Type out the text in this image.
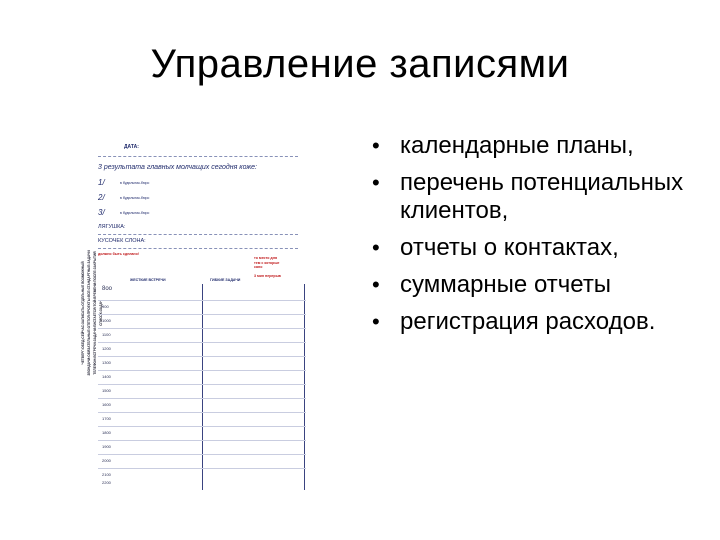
Управление записями
ЧЕТВЕРГ:ОБЕД:СЕЙЧАС:ЗАПИСАТЬ:ОТДЕЛЬНЫЕ ВОЗМОЖНЫЙ ЗВОНДАЧИ:ОБЯЗАТЕЛЬНЫЕ:ОТЕТСЯ:ПРОЕКТЫ:ВСЕ:СТАНДАРТНЫЕ:ЗАДАЧИ ТЕЛЕФОН:ВСТРЕЧИ:ЗАДАЧИ:ЛИСТАЕТСЯ:ТОЙ:ВРЕМЕНИ:ПОСЛЕ:ЗАКРЫТИЯ СПИСОК:ЗАДАЧ
ДАТА:
3 результата главных молчащих сегодня коже:
1/	в будильник-бюро
2/	в будильник-бюро
3/	в будильник-бюро
ЛЯГУШКА:
КУСОЧЕК СЛОНА:
должно быть сделано!
то место для
тем с которые
сано
3 мин перерыв
ЖЕСТКИЕ ВСТРЕЧИ	ГИБКИЕ ЗАДАЧИ
8oo
900
1000
1100
1200
1300
1400
1500
1600
1700
1800
1900
2000
2100
2200
• календарные планы,
• перечень потенциальных клиентов,
• отчеты о контактах,
• суммарные отчеты
• регистрация расходов.
